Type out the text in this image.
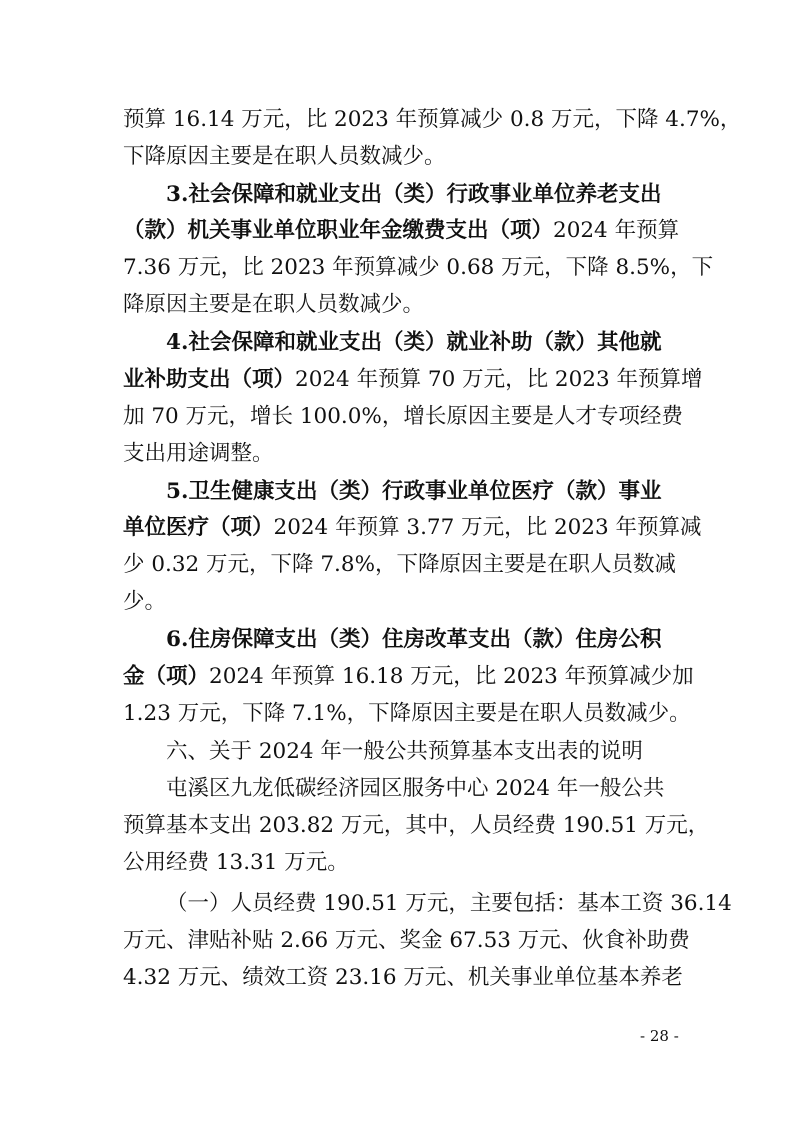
预算 16.14 万元，比 2023 年预算减少 0.8 万元，下降 4.7%，
下降原因主要是在职人员数减少。
3.社会保障和就业支出（类）行政事业单位养老支出
（款）机关事业单位职业年金缴费支出（项）2024 年预算
7.36 万元，比 2023 年预算减少 0.68 万元，下降 8.5%，下
降原因主要是在职人员数减少。
4.社会保障和就业支出（类）就业补助（款）其他就
业补助支出（项）2024 年预算 70 万元，比 2023 年预算增
加 70 万元，增长 100.0%，增长原因主要是人才专项经费
支出用途调整。
5.卫生健康支出（类）行政事业单位医疗（款）事业
单位医疗（项）2024 年预算 3.77 万元，比 2023 年预算减
少 0.32 万元，下降 7.8%，下降原因主要是在职人员数减
少。
6.住房保障支出（类）住房改革支出（款）住房公积
金（项）2024 年预算 16.18 万元，比 2023 年预算减少加
1.23 万元，下降 7.1%，下降原因主要是在职人员数减少。
六、关于 2024 年一般公共预算基本支出表的说明
屯溪区九龙低碳经济园区服务中心 2024 年一般公共
预算基本支出 203.82 万元，其中，人员经费 190.51 万元，
公用经费 13.31 万元。
（一）人员经费 190.51 万元，主要包括：基本工资 36.14
万元、津贴补贴 2.66 万元、奖金 67.53 万元、伙食补助费
4.32 万元、绩效工资 23.16 万元、机关事业单位基本养老
- 28 -
